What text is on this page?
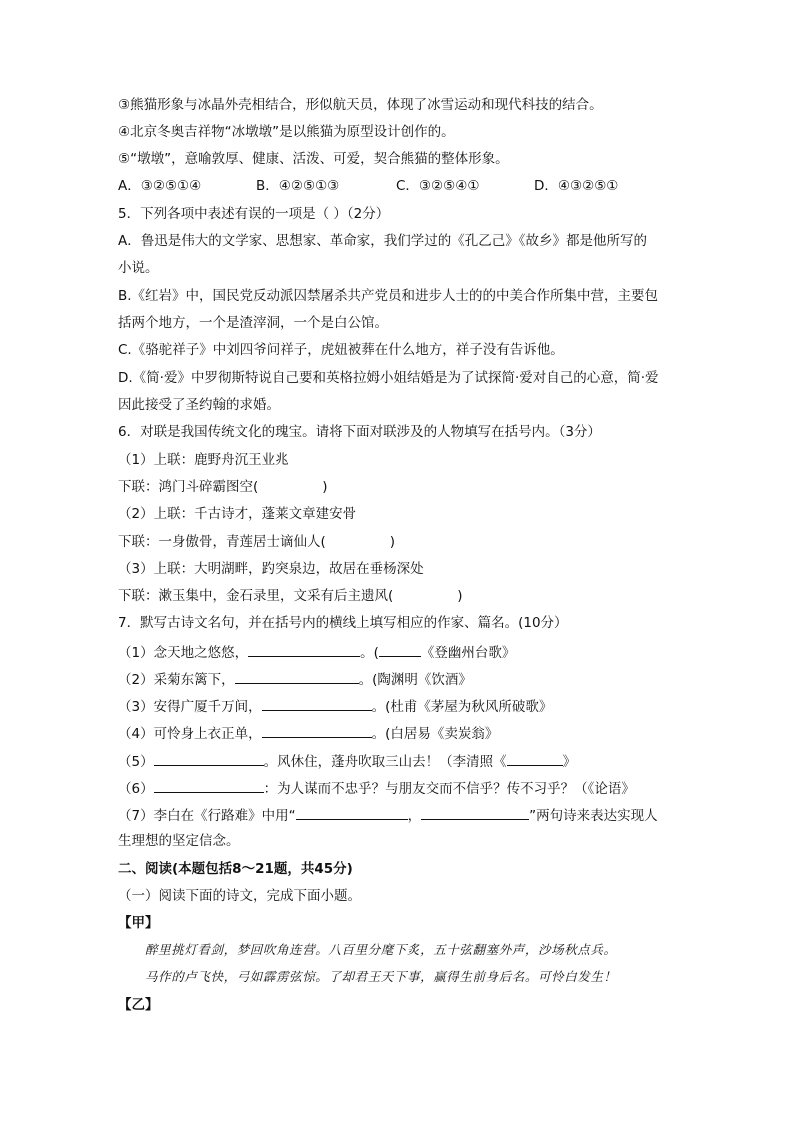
③熊猫形象与冰晶外壳相结合，形似航天员，体现了冰雪运动和现代科技的结合。
④北京冬奥吉祥物“冰墩墩”是以熊猫为原型设计创作的。
⑤“墩墩”，意喻敦厚、健康、活泼、可爱，契合熊猫的整体形象。
A．③②⑤①④	B．④②⑤①③	C．③②⑤④①	D．④③②⑤①
5．下列各项中表述有误的一项是（ ）（2分）
A．鲁迅是伟大的文学家、思想家、革命家，我们学过的《孔乙己》《故乡》都是他所写的
小说。
B.《红岩》中，国民党反动派囚禁屠杀共产党员和进步人士的的中美合作所集中营，主要包
括两个地方，一个是渣滓洞，一个是白公馆。
C.《骆驼祥子》中刘四爷问祥子，虎妞被葬在什么地方，祥子没有告诉他。
D.《简·爱》中罗彻斯特说自己要和英格拉姆小姐结婚是为了试探简·爱对自己的心意，简·爱
因此接受了圣约翰的求婚。
6．对联是我国传统文化的瑰宝。请将下面对联涉及的人物填写在括号内。（3分）
（1）上联：鹿野舟沉王业兆
下联：鸿门斗碎霸图空(	)
（2）上联：千古诗才，蓬莱文章建安骨
下联：一身傲骨，青莲居士谪仙人(	)
（3）上联：大明湖畔，趵突泉边，故居在垂杨深处
下联：漱玉集中，金石录里，文采有后主遗风(	)
7．默写古诗文名句，并在括号内的横线上填写相应的作家、篇名。(10分）
（1）念天地之悠悠，	。(	《登幽州台歌》
（2）采菊东篱下，	。(陶渊明《饮酒》
（3）安得广厦千万间，	。(杜甫《茅屋为秋风所破歌》
（4）可怜身上衣正单，	。(白居易《卖炭翁》
（5）	。风休住，蓬舟吹取三山去！（李清照《	》
（6）	：为人谋而不忠乎？与朋友交而不信乎？传不习乎？（《论语》
（7）李白在《行路难》中用“	，	”两句诗来表达实现人
生理想的坚定信念。
二、阅读(本题包括8～21题，共45分)
（一）阅读下面的诗文，完成下面小题。
【甲】
醉里挑灯看剑，梦回吹角连营。八百里分麾下炙，五十弦翻塞外声，沙场秋点兵。
马作的卢飞快，弓如霹雳弦惊。了却君王天下事，赢得生前身后名。可怜白发生！
【乙】
